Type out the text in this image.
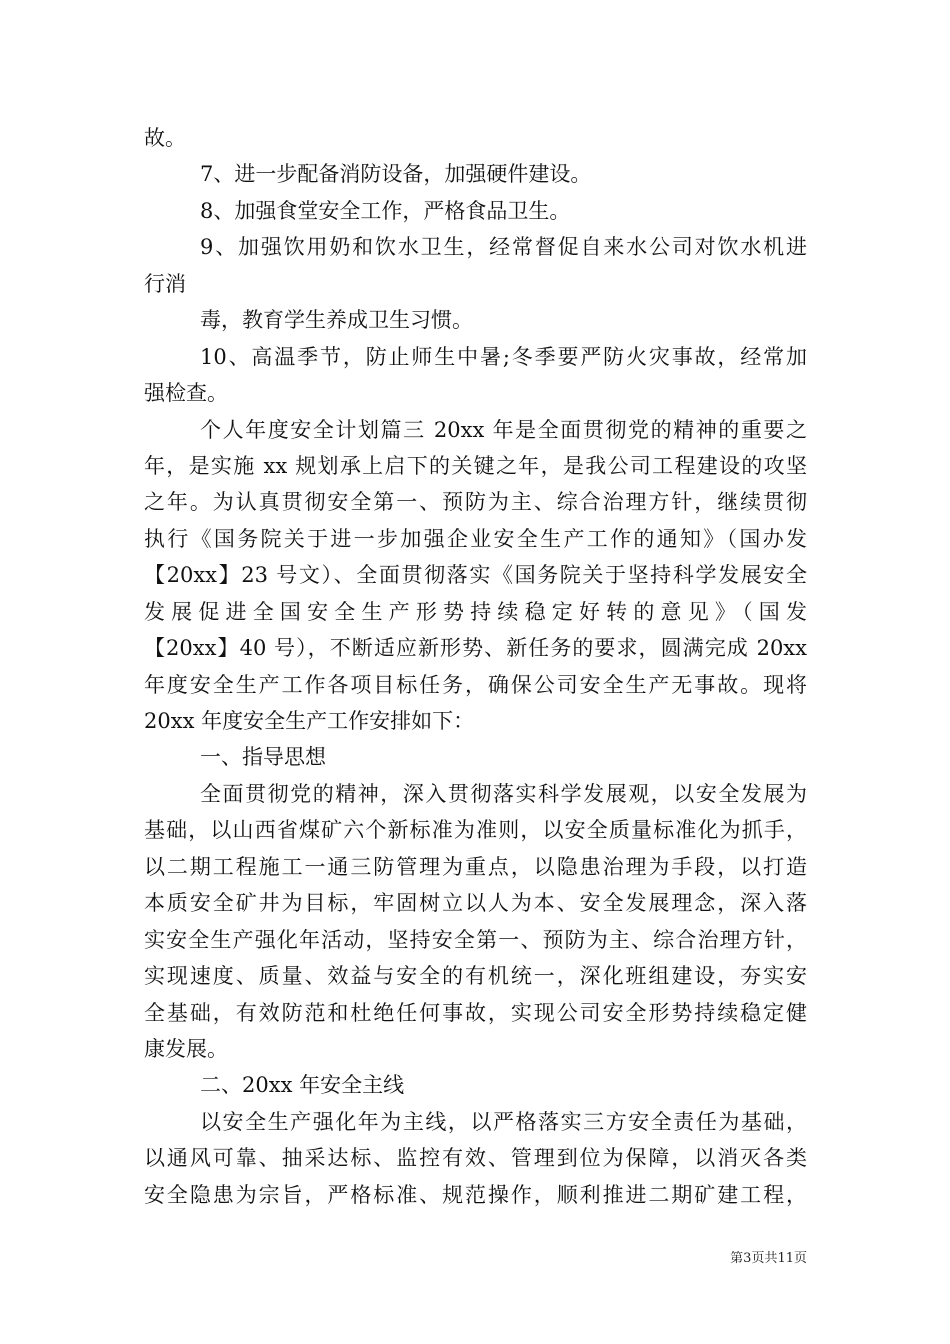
故。
7、进一步配备消防设备，加强硬件建设。
8、加强食堂安全工作，严格食品卫生。
9、加强饮用奶和饮水卫生，经常督促自来水公司对饮水机进
行消
毒，教育学生养成卫生习惯。
10、高温季节，防止师生中暑;冬季要严防火灾事故，经常加
强检查。
个人年度安全计划篇三 20xx 年是全面贯彻党的精神的重要之
年，是实施 xx 规划承上启下的关键之年，是我公司工程建设的攻坚
之年。为认真贯彻安全第一、预防为主、综合治理方针，继续贯彻
执行《国务院关于进一步加强企业安全生产工作的通知》（国办发
【20xx】23 号文）、全面贯彻落实《国务院关于坚持科学发展安全
发展促进全国安全生产形势持续稳定好转的意见》（国发
【20xx】40 号），不断适应新形势、新任务的要求，圆满完成 20xx
年度安全生产工作各项目标任务，确保公司安全生产无事故。现将
20xx 年度安全生产工作安排如下：
一、指导思想
全面贯彻党的精神，深入贯彻落实科学发展观，以安全发展为
基础，以山西省煤矿六个新标准为准则，以安全质量标准化为抓手，
以二期工程施工一通三防管理为重点，以隐患治理为手段，以打造
本质安全矿井为目标，牢固树立以人为本、安全发展理念，深入落
实安全生产强化年活动，坚持安全第一、预防为主、综合治理方针，
实现速度、质量、效益与安全的有机统一，深化班组建设，夯实安
全基础，有效防范和杜绝任何事故，实现公司安全形势持续稳定健
康发展。
二、20xx 年安全主线
以安全生产强化年为主线，以严格落实三方安全责任为基础，
以通风可靠、抽采达标、监控有效、管理到位为保障，以消灭各类
安全隐患为宗旨，严格标准、规范操作，顺利推进二期矿建工程，
第3页共11页
